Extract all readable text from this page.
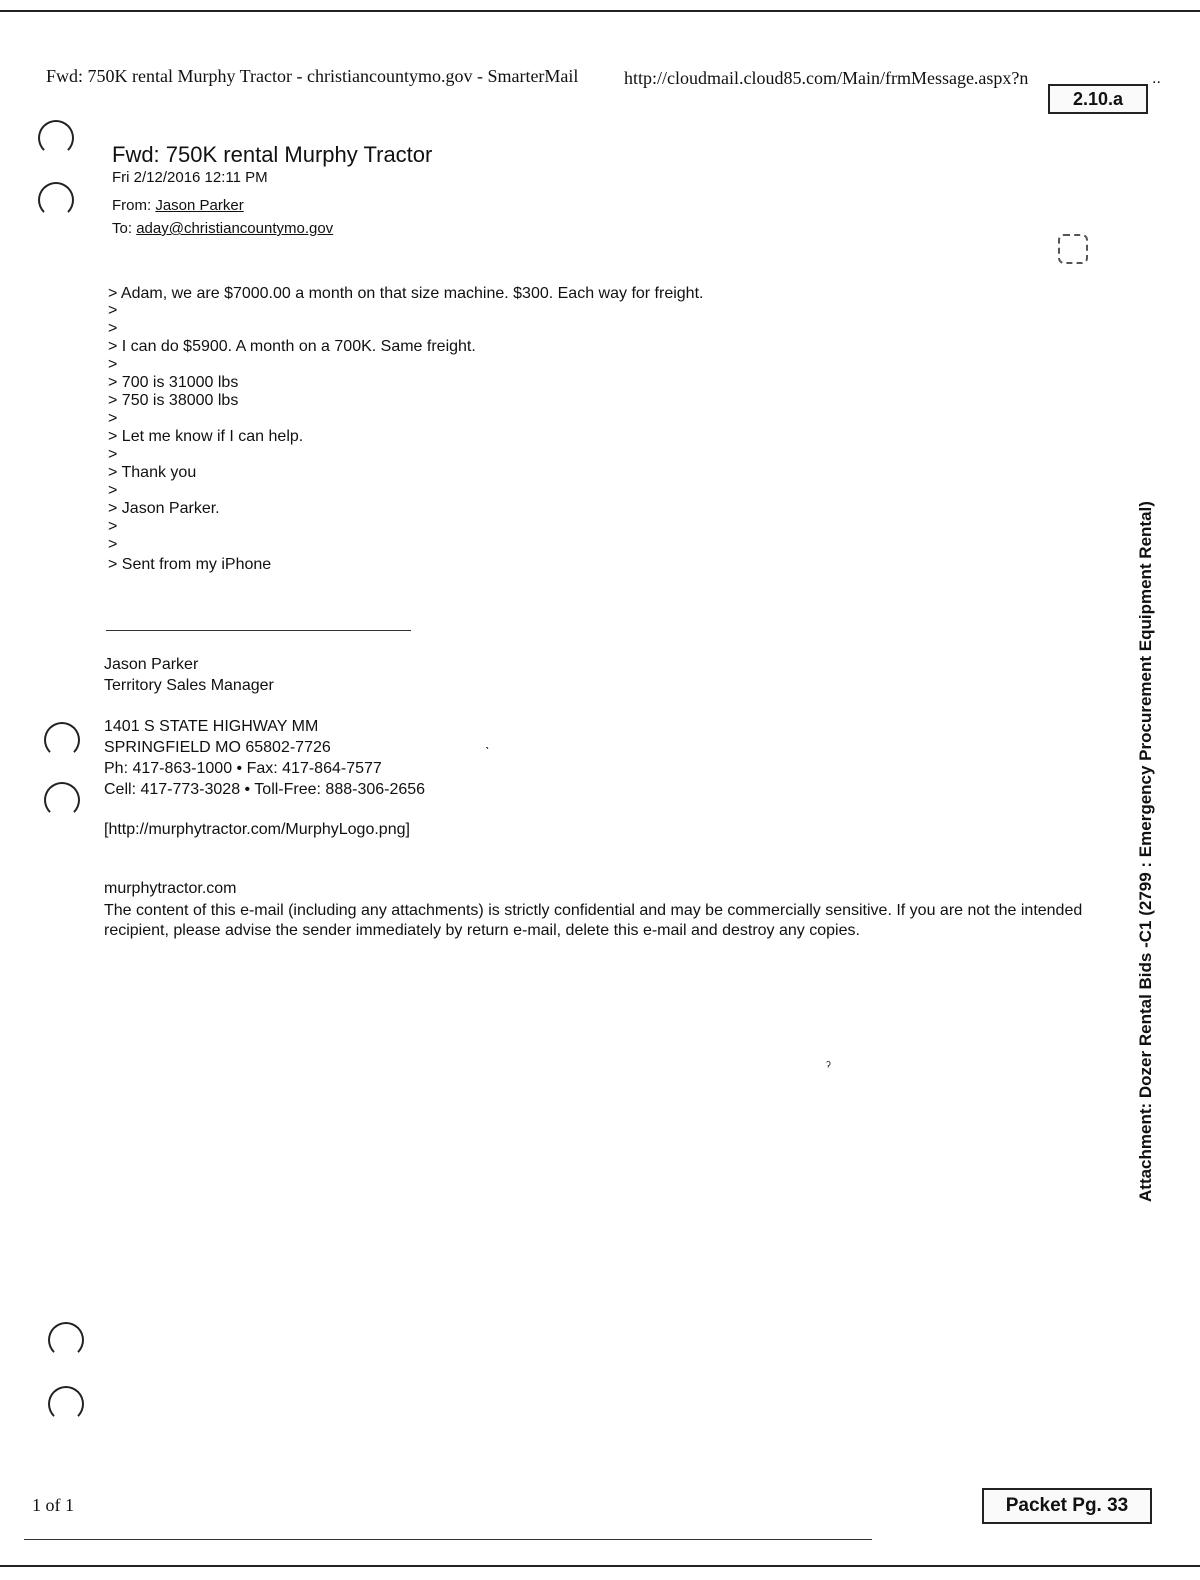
Fwd: 750K rental Murphy Tractor - christiancountymo.gov - SmarterMail	http://cloudmail.cloud85.com/Main/frmMessage.aspx?n	..
2.10.a
Fwd: 750K rental Murphy Tractor
Fri 2/12/2016 12:11 PM
From: Jason Parker
To: aday@christiancountymo.gov
> Adam, we are $7000.00 a month on that size machine. $300. Each way for freight.
>
>
> I can do $5900. A month on a 700K. Same freight.
>
> 700 is 31000 lbs
> 750 is 38000 lbs
>
> Let me know if I can help.
>
> Thank you
>
> Jason Parker.
>
>
> Sent from my iPhone
Jason Parker
Territory Sales Manager
1401 S STATE HIGHWAY MM
SPRINGFIELD MO 65802-7726
Ph: 417-863-1000 • Fax: 417-864-7577
Cell: 417-773-3028 • Toll-Free: 888-306-2656
[http://murphytractor.com/MurphyLogo.png]
murphytractor.com
The content of this e-mail (including any attachments) is strictly confidential and may be commercially sensitive. If you are not the intended recipient, please advise the sender immediately by return e-mail, delete this e-mail and destroy any copies.
ˋ
ˀ	Attachment: Dozer Rental Bids -C1 (2799 : Emergency Procurement Equipment Rental)
1 of 1	Packet Pg. 33
